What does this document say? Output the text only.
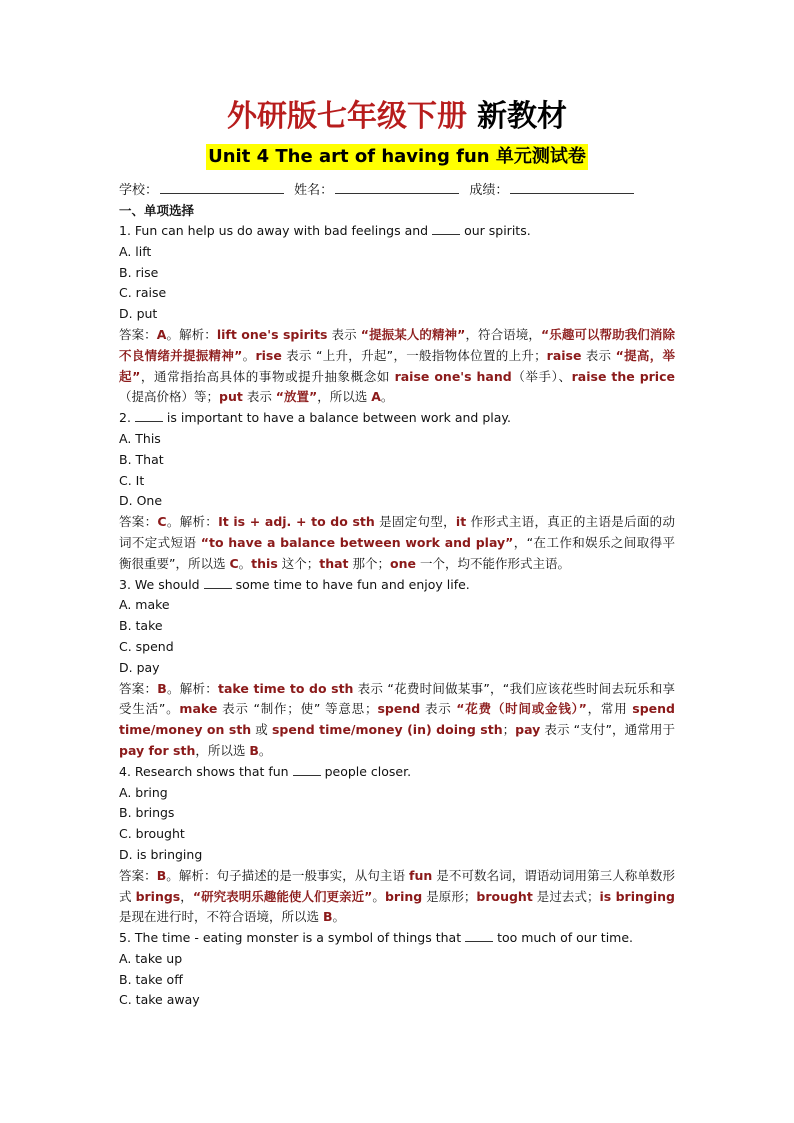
外研版七年级下册 新教材
Unit 4 The art of having fun 单元测试卷
学校：	姓名：	成绩：
一、单项选择
1. Fun can help us do away with bad feelings and	our spirits.
A. lift
B. rise
C. raise
D. put
答案：A。解析：lift one's spirits 表示 “提振某人的精神”，符合语境，“乐趣可以帮助我们消除不良情绪并提振精神”。rise 表示 “上升，升起”，一般指物体位置的上升；raise 表示 “提高，举起”，通常指抬高具体的事物或提升抽象概念如 raise one's hand（举手）、raise the price（提高价格）等；put 表示 “放置”，所以选 A。
2.	is important to have a balance between work and play.
A. This
B. That
C. It
D. One
答案：C。解析：It is + adj. + to do sth 是固定句型，it 作形式主语，真正的主语是后面的动词不定式短语 “to have a balance between work and play”，“在工作和娱乐之间取得平衡很重要”，所以选 C。this 这个；that 那个；one 一个，均不能作形式主语。
3. We should	some time to have fun and enjoy life.
A. make
B. take
C. spend
D. pay
答案：B。解析：take time to do sth 表示 “花费时间做某事”，“我们应该花些时间去玩乐和享受生活”。make 表示 “制作；使” 等意思；spend 表示 “花费（时间或金钱）”，常用 spend time/money on sth 或 spend time/money (in) doing sth；pay 表示 “支付”，通常用于 pay for sth，所以选 B。
4. Research shows that fun	people closer.
A. bring
B. brings
C. brought
D. is bringing
答案：B。解析：句子描述的是一般事实，从句主语 fun 是不可数名词，谓语动词用第三人称单数形式 brings，“研究表明乐趣能使人们更亲近”。bring 是原形；brought 是过去式；is bringing 是现在进行时，不符合语境，所以选 B。
5. The time - eating monster is a symbol of things that	too much of our time.
A. take up
B. take off
C. take away
